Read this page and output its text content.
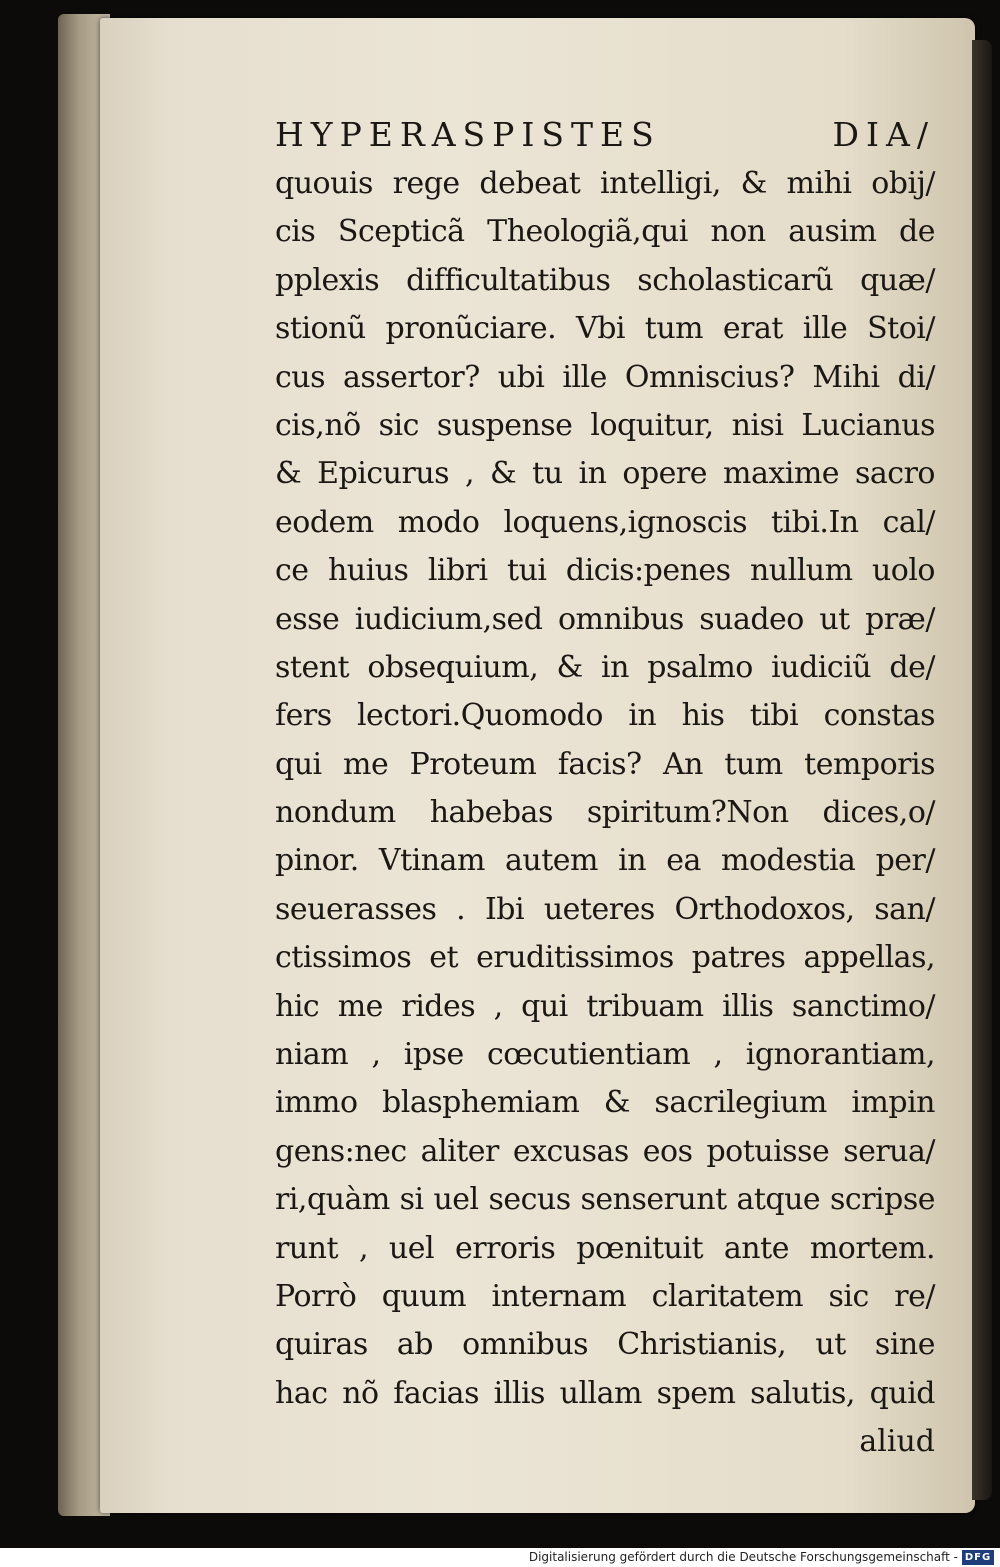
HYPERASPISTES DIA/
quouis rege debeat intelligi, & mihi obij/
cis Scepticã Theologiã,qui non ausim de
pplexis difficultatibus scholasticarũ quæ/
stionũ pronũciare. Vbi tum erat ille Stoi/
cus assertor? ubi ille Omniscius? Mihi di/
cis,nõ sic suspense loquitur, nisi Lucianus
& Epicurus , & tu in opere maxime sacro
eodem modo loquens,ignoscis tibi.In cal/
ce huius libri tui dicis:penes nullum uolo
esse iudicium,sed omnibus suadeo ut præ/
stent obsequium, & in psalmo iudiciũ de/
fers lectori.Quomodo in his tibi constas
qui me Proteum facis? An tum temporis
nondum habebas spiritum?Non dices,o/
pinor. Vtinam autem in ea modestia per/
seuerasses . Ibi ueteres Orthodoxos, san/
ctissimos et eruditissimos patres appellas,
hic me rides , qui tribuam illis sanctimo/
niam , ipse cœcutientiam , ignorantiam,
immo blasphemiam & sacrilegium impin
gens:nec aliter excusas eos potuisse serua/
ri,quàm si uel secus senserunt atque scripse
runt , uel erroris pœnituit ante mortem.
Porrò quum internam claritatem sic re/
quiras ab omnibus Christianis, ut sine
hac nõ facias illis ullam spem salutis, quid
aliud
Digitalisierung gefördert durch die Deutsche Forschungsgemeinschaft - DFG
